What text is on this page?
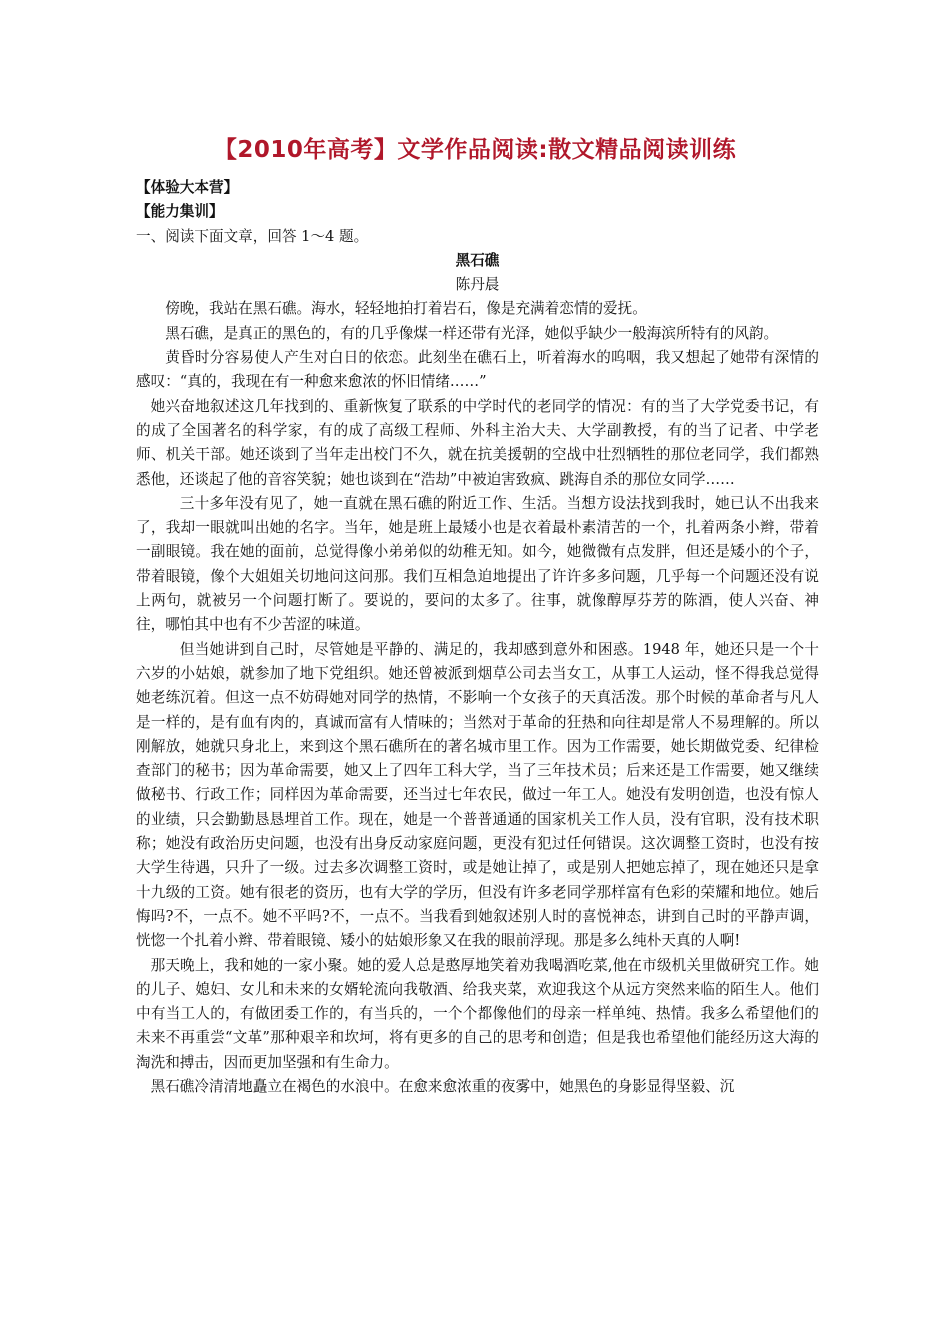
【2010年高考】文学作品阅读:散文精品阅读训练

【体验大本营】

【能力集训】

一、阅读下面文章，回答 1～4 题。

黑石礁

陈丹晨

傍晚，我站在黑石礁。海水，轻轻地拍打着岩石，像是充满着恋情的爱抚。

黑石礁，是真正的黑色的，有的几乎像煤一样还带有光泽，她似乎缺少一般海滨所特有的风韵。

黄昏时分容易使人产生对白日的依恋。此刻坐在礁石上，听着海水的呜咽，我又想起了她带有深情的感叹：“真的，我现在有一种愈来愈浓的怀旧情绪……”

她兴奋地叙述这几年找到的、重新恢复了联系的中学时代的老同学的情况：有的当了大学党委书记，有的成了全国著名的科学家，有的成了高级工程师、外科主治大夫、大学副教授，有的当了记者、中学老师、机关干部。她还谈到了当年走出校门不久，就在抗美援朝的空战中壮烈牺牲的那位老同学，我们都熟悉他，还谈起了他的音容笑貌；她也谈到在“浩劫”中被迫害致疯、跳海自杀的那位女同学……

三十多年没有见了，她一直就在黑石礁的附近工作、生活。当想方设法找到我时，她已认不出我来了，我却一眼就叫出她的名字。当年，她是班上最矮小也是衣着最朴素清苦的一个，扎着两条小辫，带着一副眼镜。我在她的面前，总觉得像小弟弟似的幼稚无知。如今，她微微有点发胖，但还是矮小的个子，带着眼镜，像个大姐姐关切地问这问那。我们互相急迫地提出了许许多多问题，几乎每一个问题还没有说上两句，就被另一个问题打断了。要说的，要问的太多了。往事，就像醇厚芬芳的陈酒，使人兴奋、神往，哪怕其中也有不少苦涩的味道。

但当她讲到自己时，尽管她是平静的、满足的，我却感到意外和困惑。1948 年，她还只是一个十六岁的小姑娘，就参加了地下党组织。她还曾被派到烟草公司去当女工，从事工人运动，怪不得我总觉得她老练沉着。但这一点不妨碍她对同学的热情，不影响一个女孩子的天真活泼。那个时候的革命者与凡人是一样的，是有血有肉的，真诚而富有人情味的；当然对于革命的狂热和向往却是常人不易理解的。所以刚解放，她就只身北上，来到这个黑石礁所在的著名城市里工作。因为工作需要，她长期做党委、纪律检查部门的秘书；因为革命需要，她又上了四年工科大学，当了三年技术员；后来还是工作需要，她又继续做秘书、行政工作；同样因为革命需要，还当过七年农民，做过一年工人。她没有发明创造，也没有惊人的业绩，只会勤勤恳恳埋首工作。现在，她是一个普普通通的国家机关工作人员，没有官职，没有技术职称；她没有政治历史问题，也没有出身反动家庭问题，更没有犯过任何错误。这次调整工资时，也没有按大学生待遇，只升了一级。过去多次调整工资时，或是她让掉了，或是别人把她忘掉了，现在她还只是拿十九级的工资。她有很老的资历，也有大学的学历，但没有许多老同学那样富有色彩的荣耀和地位。她后悔吗?不，一点不。她不平吗?不，一点不。当我看到她叙述别人时的喜悦神态，讲到自己时的平静声调，恍惚一个扎着小辫、带着眼镜、矮小的姑娘形象又在我的眼前浮现。那是多么纯朴天真的人啊!

那天晚上，我和她的一家小聚。她的爱人总是憨厚地笑着劝我喝酒吃菜,他在市级机关里做研究工作。她的儿子、媳妇、女儿和未来的女婿轮流向我敬酒、给我夹菜，欢迎我这个从远方突然来临的陌生人。他们中有当工人的，有做团委工作的，有当兵的，一个个都像他们的母亲一样单纯、热情。我多么希望他们的未来不再重尝“文革”那种艰辛和坎坷，将有更多的自己的思考和创造；但是我也希望他们能经历这大海的淘洗和搏击，因而更加坚强和有生命力。

黑石礁冷清清地矗立在褐色的水浪中。在愈来愈浓重的夜雾中，她黑色的身影显得坚毅、沉
